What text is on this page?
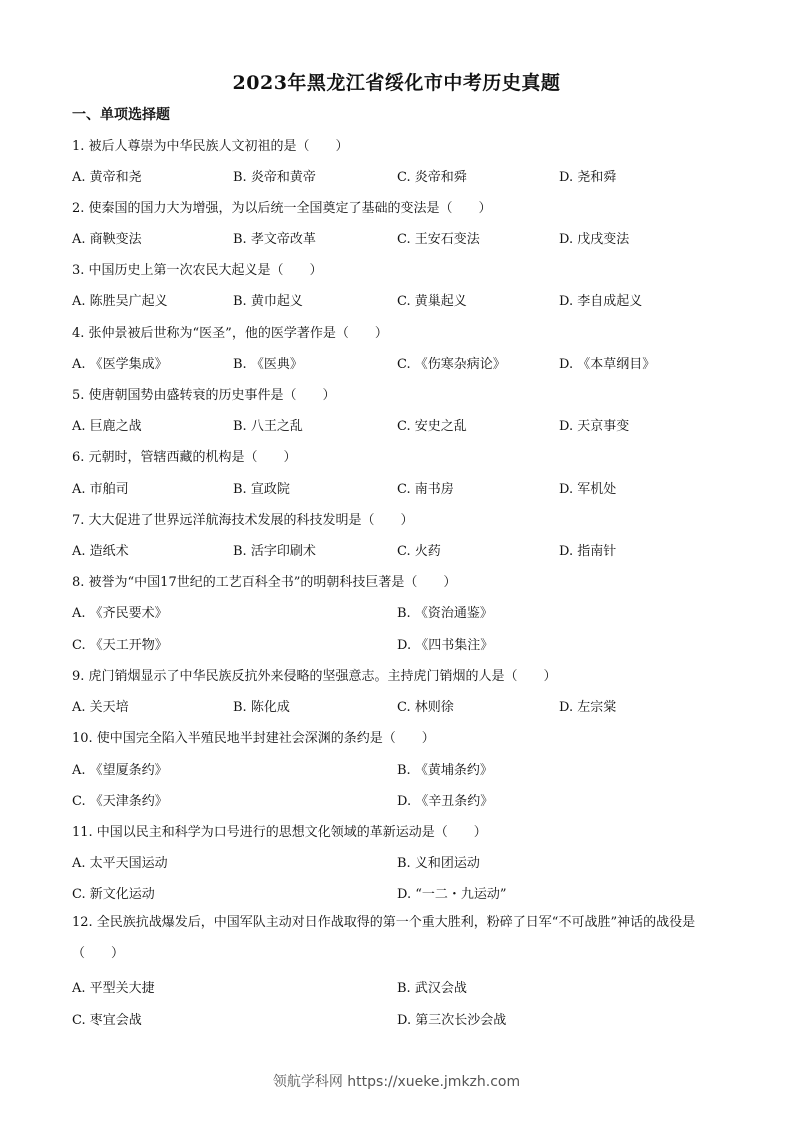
2023年黑龙江省绥化市中考历史真题
一、单项选择题
1. 被后人尊崇为中华民族人文初祖的是（　　）
A. 黄帝和尧	B. 炎帝和黄帝	C. 炎帝和舜	D. 尧和舜
2. 使秦国的国力大为增强，为以后统一全国奠定了基础的变法是（　　）
A. 商鞅变法	B. 孝文帝改革	C. 王安石变法	D. 戊戌变法
3. 中国历史上第一次农民大起义是（　　）
A. 陈胜吴广起义	B. 黄巾起义	C. 黄巢起义	D. 李自成起义
4. 张仲景被后世称为“医圣”，他的医学著作是（　　）
A. 《医学集成》	B. 《医典》	C. 《伤寒杂病论》	D. 《本草纲目》
5. 使唐朝国势由盛转衰的历史事件是（　　）
A. 巨鹿之战	B. 八王之乱	C. 安史之乱	D. 天京事变
6. 元朝时，管辖西藏的机构是（　　）
A. 市舶司	B. 宣政院	C. 南书房	D. 军机处
7. 大大促进了世界远洋航海技术发展的科技发明是（　　）
A. 造纸术	B. 活字印刷术	C. 火药	D. 指南针
8. 被誉为“中国17世纪的工艺百科全书”的明朝科技巨著是（　　）
A. 《齐民要术》	B. 《资治通鉴》
C. 《天工开物》	D. 《四书集注》
9. 虎门销烟显示了中华民族反抗外来侵略的坚强意志。主持虎门销烟的人是（　　）
A. 关天培	B. 陈化成	C. 林则徐	D. 左宗棠
10. 使中国完全陷入半殖民地半封建社会深渊的条约是（　　）
A. 《望厦条约》	B. 《黄埔条约》
C. 《天津条约》	D. 《辛丑条约》
11. 中国以民主和科学为口号进行的思想文化领域的革新运动是（　　）
A. 太平天国运动	B. 义和团运动
C. 新文化运动	D. “一二・九运动”
12. 全民族抗战爆发后，中国军队主动对日作战取得的第一个重大胜利，粉碎了日军“不可战胜”神话的战役是（　　）
A. 平型关大捷	B. 武汉会战
C. 枣宜会战	D. 第三次长沙会战
领航学科网 https://xueke.jmkzh.com
